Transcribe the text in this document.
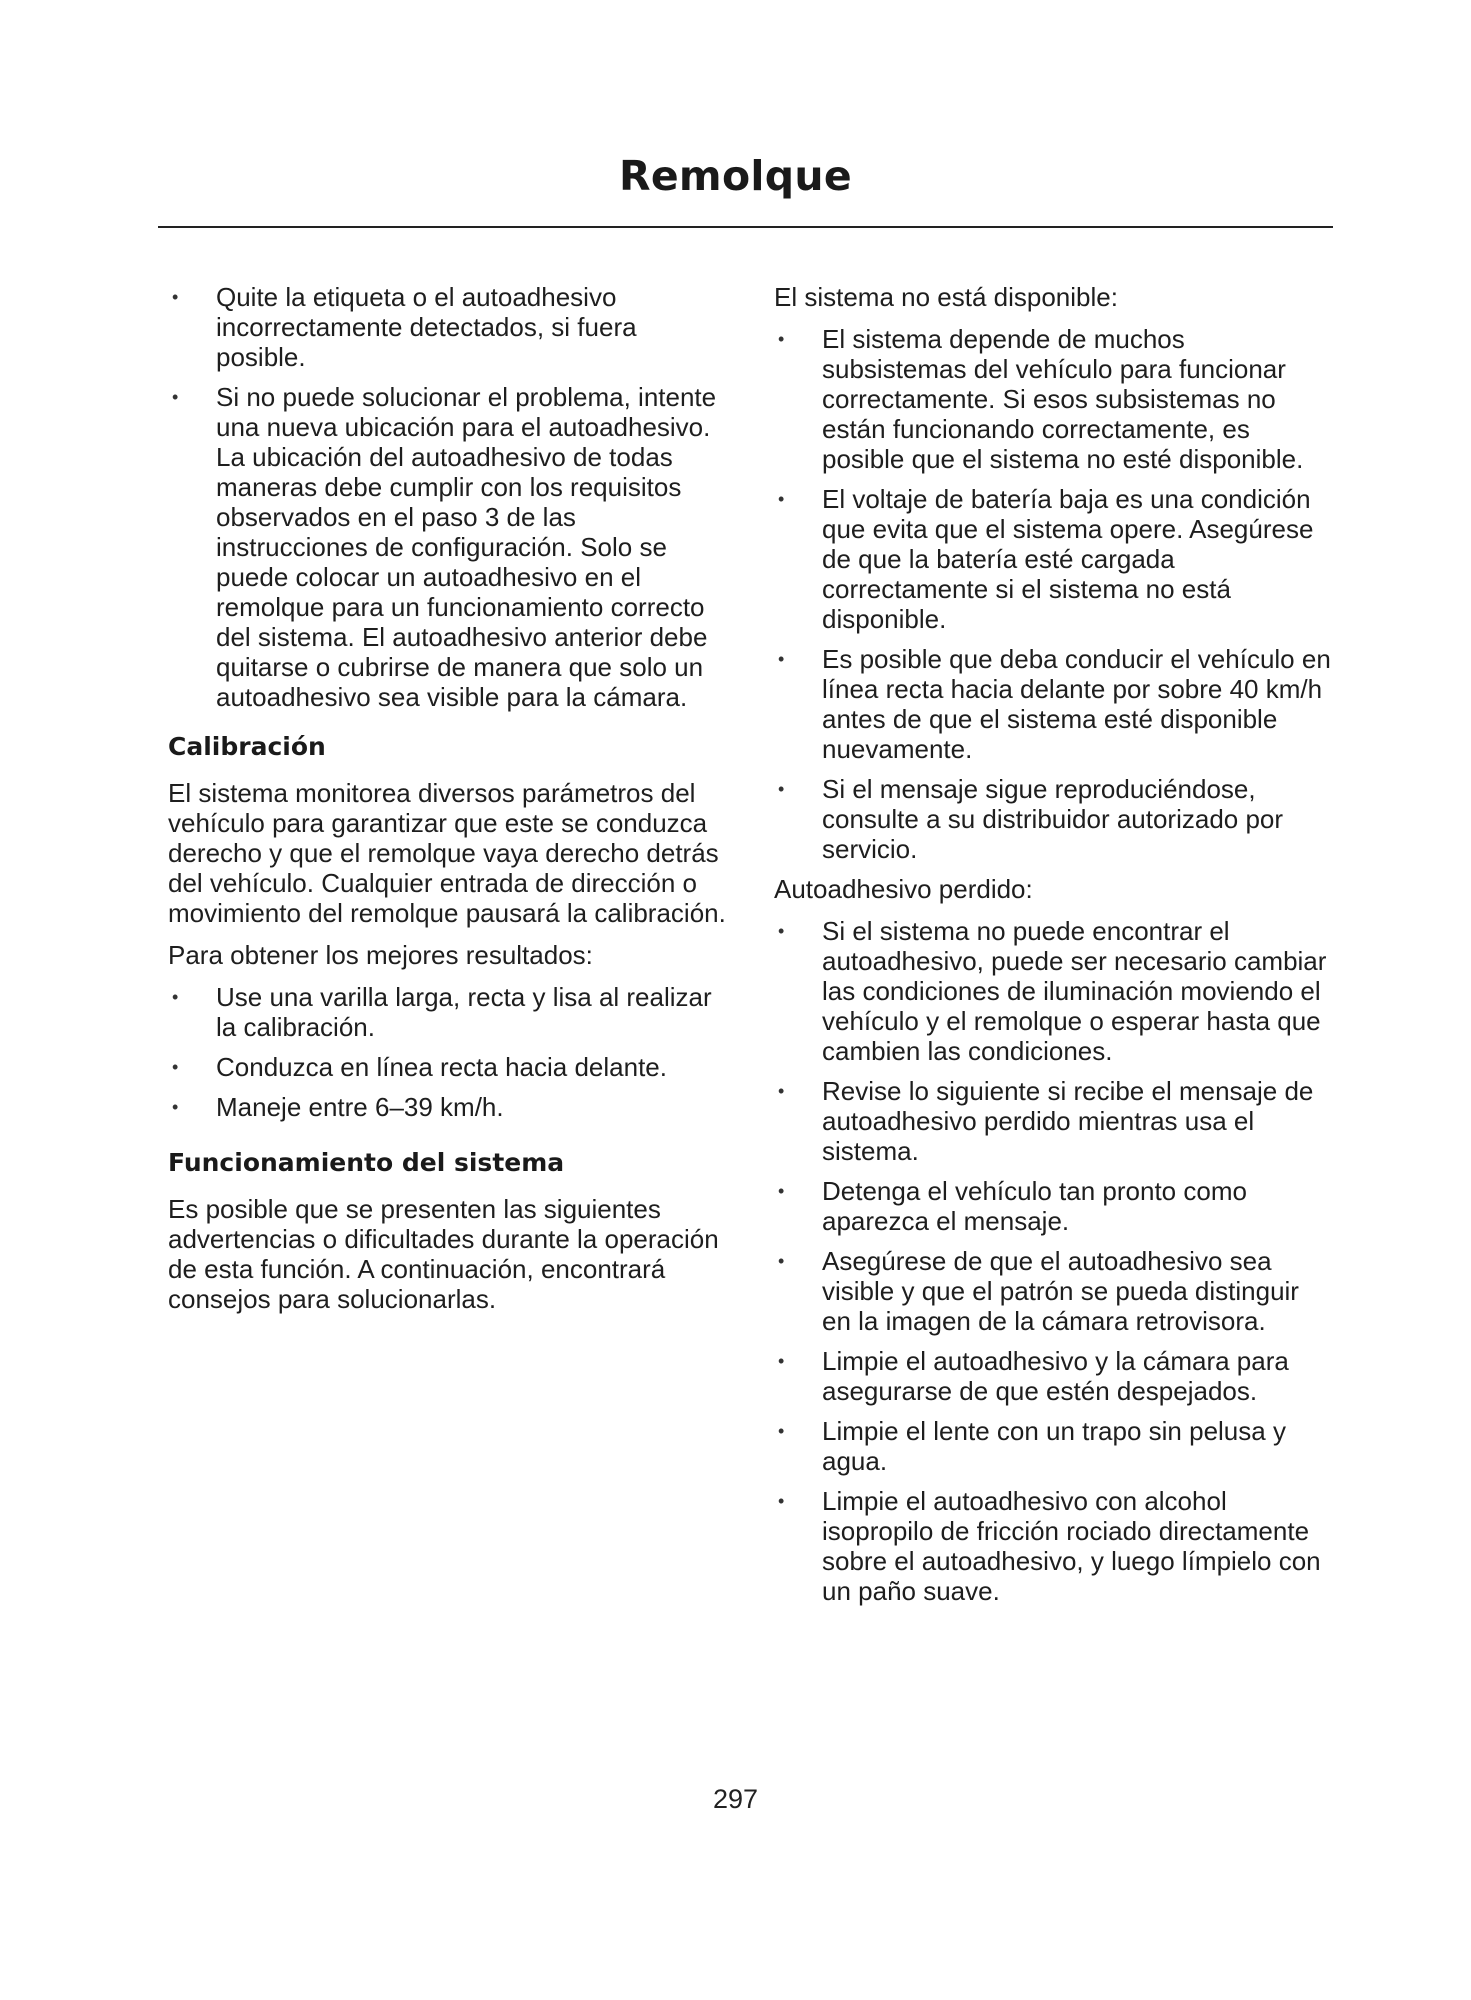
Remolque
• Quite la etiqueta o el autoadhesivo incorrectamente detectados, si fuera posible.
• Si no puede solucionar el problema, intente una nueva ubicación para el autoadhesivo. La ubicación del autoadhesivo de todas maneras debe cumplir con los requisitos observados en el paso 3 de las instrucciones de configuración. Solo se puede colocar un autoadhesivo en el remolque para un funcionamiento correcto del sistema. El autoadhesivo anterior debe quitarse o cubrirse de manera que solo un autoadhesivo sea visible para la cámara.
Calibración

El sistema monitorea diversos parámetros del vehículo para garantizar que este se conduzca derecho y que el remolque vaya derecho detrás del vehículo. Cualquier entrada de dirección o movimiento del remolque pausará la calibración.

Para obtener los mejores resultados:

• Use una varilla larga, recta y lisa al realizar la calibración.
• Conduzca en línea recta hacia delante.
• Maneje entre 6–39 km/h.
Funcionamiento del sistema

Es posible que se presenten las siguientes advertencias o dificultades durante la operación de esta función. A continuación, encontrará consejos para solucionarlas.

El sistema no está disponible:

• El sistema depende de muchos subsistemas del vehículo para funcionar correctamente. Si esos subsistemas no están funcionando correctamente, es posible que el sistema no esté disponible.
• El voltaje de batería baja es una condición que evita que el sistema opere. Asegúrese de que la batería esté cargada correctamente si el sistema no está disponible.
• Es posible que deba conducir el vehículo en línea recta hacia delante por sobre 40 km/h antes de que el sistema esté disponible nuevamente.
• Si el mensaje sigue reproduciéndose, consulte a su distribuidor autorizado por servicio.

Autoadhesivo perdido:

• Si el sistema no puede encontrar el autoadhesivo, puede ser necesario cambiar las condiciones de iluminación moviendo el vehículo y el remolque o esperar hasta que cambien las condiciones.
• Revise lo siguiente si recibe el mensaje de autoadhesivo perdido mientras usa el sistema.
• Detenga el vehículo tan pronto como aparezca el mensaje.
• Asegúrese de que el autoadhesivo sea visible y que el patrón se pueda distinguir en la imagen de la cámara retrovisora.
• Limpie el autoadhesivo y la cámara para asegurarse de que estén despejados.
• Limpie el lente con un trapo sin pelusa y agua.
• Limpie el autoadhesivo con alcohol isopropilo de fricción rociado directamente sobre el autoadhesivo, y luego límpielo con un paño suave.
297
